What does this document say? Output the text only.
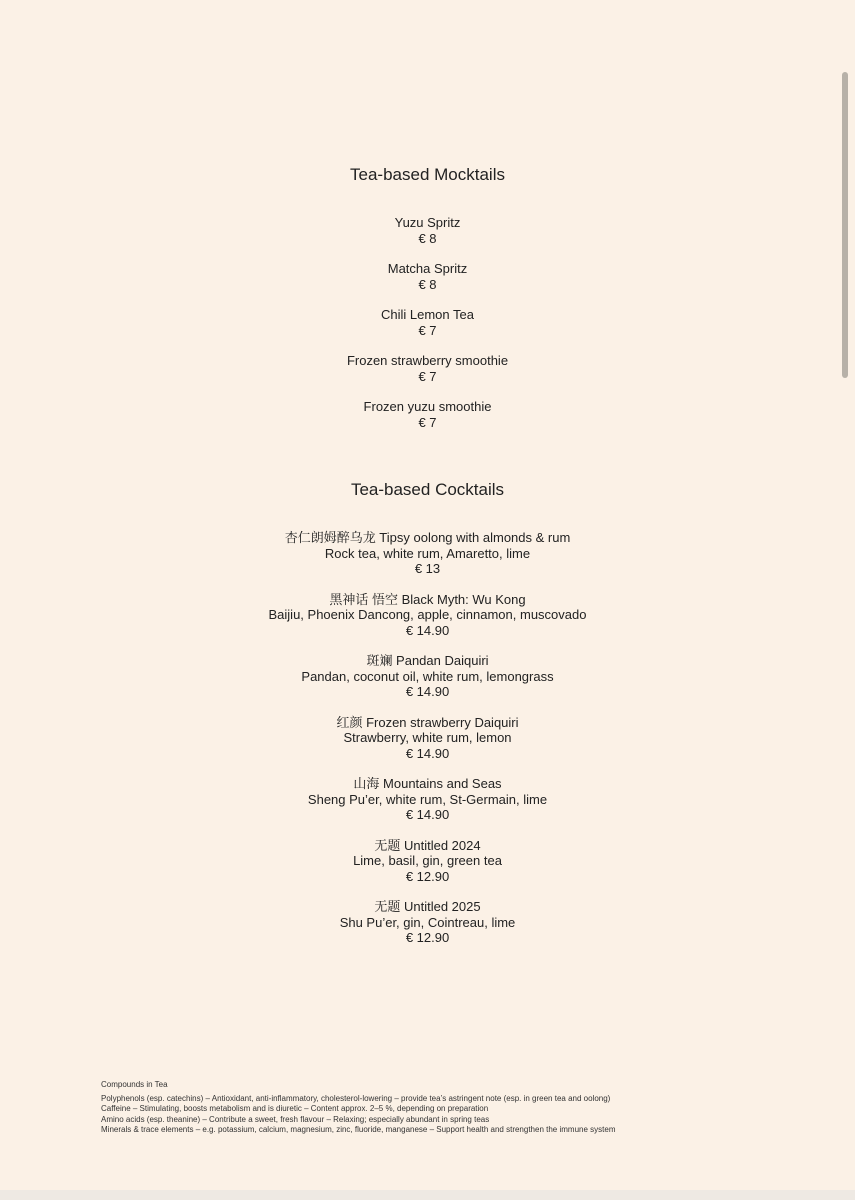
Tea-based Mocktails
Yuzu Spritz
€ 8
Matcha Spritz
€ 8
Chili Lemon Tea
€ 7
Frozen strawberry smoothie
€ 7
Frozen yuzu smoothie
€ 7
Tea-based Cocktails
杏仁朗姆醉乌龙 Tipsy oolong with almonds & rum
Rock tea, white rum, Amaretto, lime
€ 13
黑神话 悟空 Black Myth: Wu Kong
Baijiu, Phoenix Dancong, apple, cinnamon, muscovado
€ 14.90
斑斓 Pandan Daiquiri
Pandan, coconut oil, white rum, lemongrass
€ 14.90
红颜 Frozen strawberry Daiquiri
Strawberry, white rum, lemon
€ 14.90
山海 Mountains and Seas
Sheng Pu’er, white rum, St-Germain, lime
€ 14.90
无题 Untitled 2024
Lime, basil, gin, green tea
€ 12.90
无题 Untitled 2025
Shu Pu’er, gin, Cointreau, lime
€ 12.90
Compounds in Tea
Polyphenols (esp. catechins) – Antioxidant, anti-inflammatory, cholesterol-lowering – provide tea’s astringent note (esp. in green tea and oolong)
Caffeine – Stimulating, boosts metabolism and is diuretic – Content approx. 2–5 %, depending on preparation
Amino acids (esp. theanine) – Contribute a sweet, fresh flavour – Relaxing; especially abundant in spring teas
Minerals & trace elements – e.g. potassium, calcium, magnesium, zinc, fluoride, manganese – Support health and strengthen the immune system
